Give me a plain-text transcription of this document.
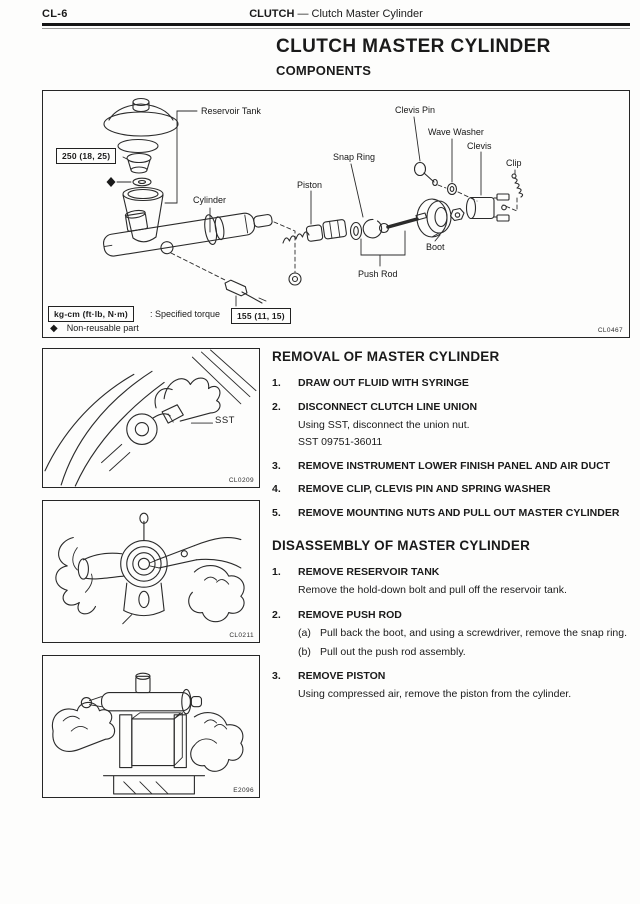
CL-6	CLUTCH — Clutch Master Cylinder
CLUTCH MASTER CYLINDER
COMPONENTS
Reservoir Tank
250 (18, 25)
Cylinder
Piston
Snap Ring
Clevis Pin
Wave Washer
Clevis
Clip
Boot
Push Rod
155 (11, 15)
kg-cm (ft·lb, N·m)	: Specified torque
◆ Non-reusable part	CL0467
SST
CL0209
CL0211
E2096
REMOVAL OF MASTER CYLINDER
1.	DRAW OUT FLUID WITH SYRINGE
2.	DISCONNECT CLUTCH LINE UNION
Using SST, disconnect the union nut.
SST 09751-36011
3.	REMOVE INSTRUMENT LOWER FINISH PANEL AND AIR DUCT
4.	REMOVE CLIP, CLEVIS PIN AND SPRING WASHER
5.	REMOVE MOUNTING NUTS AND PULL OUT MASTER CYLINDER
DISASSEMBLY OF MASTER CYLINDER
1.	REMOVE RESERVOIR TANK
Remove the hold-down bolt and pull off the reservoir tank.
2.	REMOVE PUSH ROD
(a) Pull back the boot, and using a screwdriver, remove the snap ring.
(b) Pull out the push rod assembly.
3.	REMOVE PISTON
Using compressed air, remove the piston from the cylinder.
